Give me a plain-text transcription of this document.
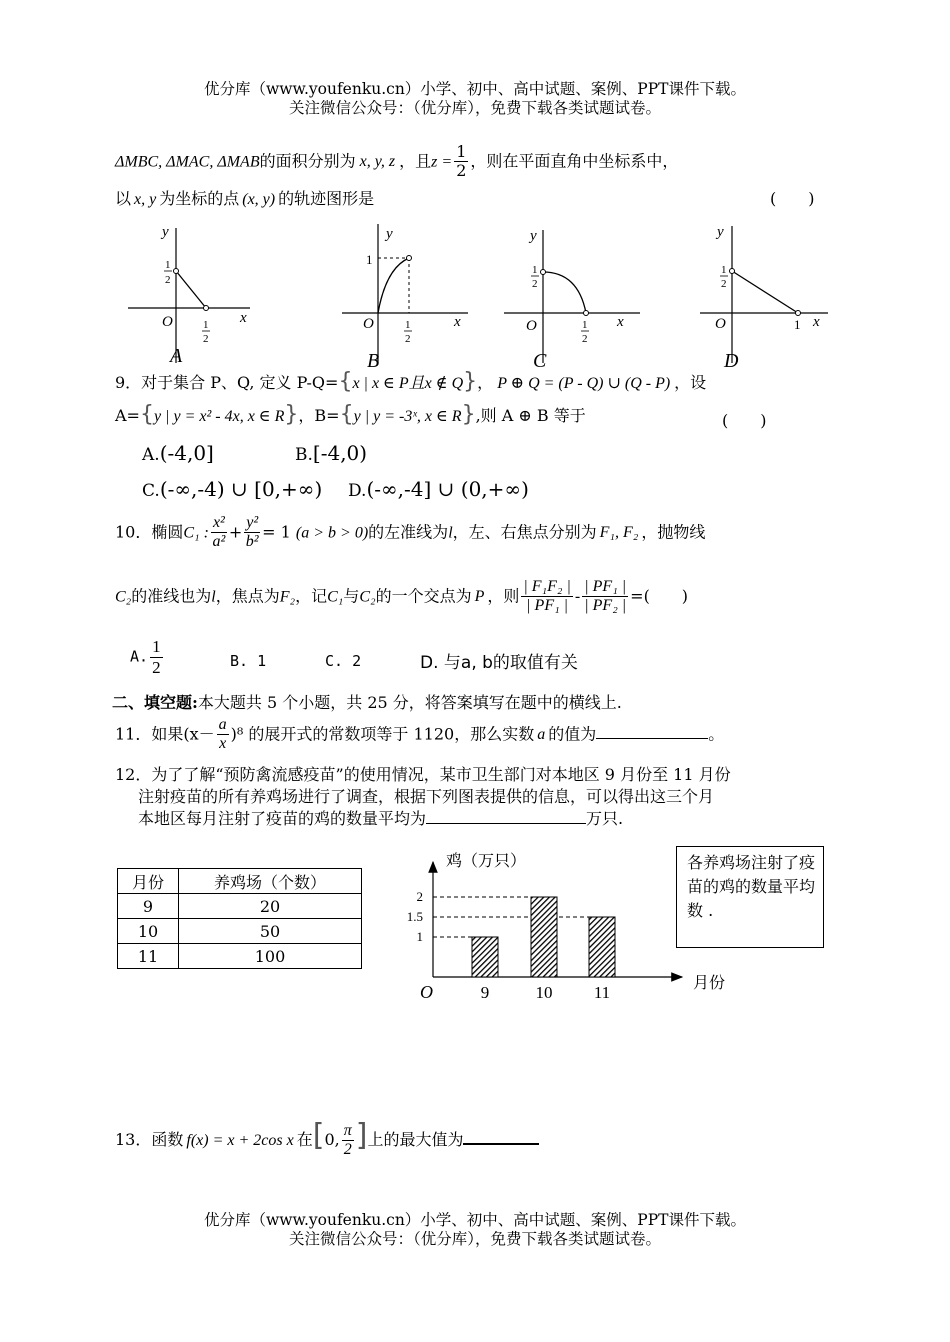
优分库（www.youfenku.cn）小学、初中、高中试题、案例、PPT课件下载。
关注微信公众号：（优分库），免费下载各类试题试卷。
ΔMBC, ΔMAC, ΔMAB的面积分别为 x, y, z ，且$z = \frac{1}{2}$ ，则在平面直角中坐标系中，
以 x, y 为坐标的点 (x, y) 的轨迹图形是	(　　)
y
x
O
1
2
1
2
y
x
O
1
1
2
y
x
O
1
2
1
2
y
x
O
1
2
1
A	B	C	D
9．对于集合 P、Q, 定义 P-Q={x | x ∈ P且x ∉ Q}， P ⊕ Q = (P - Q) ∪ (Q - P) ，设
A={y | y = x² - 4x, x ∈ R}，B={y | y = -3ˣ, x ∈ R},则 A ⊕ B 等于	(　　)
A.(-4,0]	B.[-4,0)
C.(-∞,-4) ∪ [0,+∞) D.(-∞,-4] ∪ (0,+∞)
10．椭圆C₁ : $\frac{\text{x²}}{\text{a²}} + \frac{\text{y²}}{\text{b²}} = 1$ (a > b > 0)的左准线为l，左、右焦点分别为 F₁, F₂ ，抛物线
C₂的准线也为l，焦点为F₂，记C₁与C₂的一个交点为 P ，则 $\frac{\text{| F₁F₂ |}}{\text{| PF₁ |}} - \frac{\text{| PF₁ |}}{\text{| PF₂ |}}$ =(　　)
A. $\frac{1}{2}$	B. 1	C. 2	D. 与a, b的取值有关
二、填空题:本大题共 5 个小题，共 25 分，将答案填写在题中的横线上.
11．如果$(x- \frac{a}{x} )^8$ 的展开式的常数项等于 1120，那么实数 a 的值为	。
12．为了了解“预防禽流感疫苗”的使用情况，某市卫生部门对本地区 9 月份至 11 月份
注射疫苗的所有养鸡场进行了调查，根据下列图表提供的信息，可以得出这三个月
本地区每月注射了疫苗的鸡的数量平均为	万只.
月份	养鸡场（个数）
9	20
10	50
11	100
鸡（万只）
O
1
1.5
2
9	10 11
月份
各养鸡场注射了疫苗的鸡的数量平均数 .
13．函数 f(x) = x + 2cos x 在[0, $\frac{\pi}{2}$ ]上的最大值为
优分库（www.youfenku.cn）小学、初中、高中试题、案例、PPT课件下载。
关注微信公众号：（优分库），免费下载各类试题试卷。
